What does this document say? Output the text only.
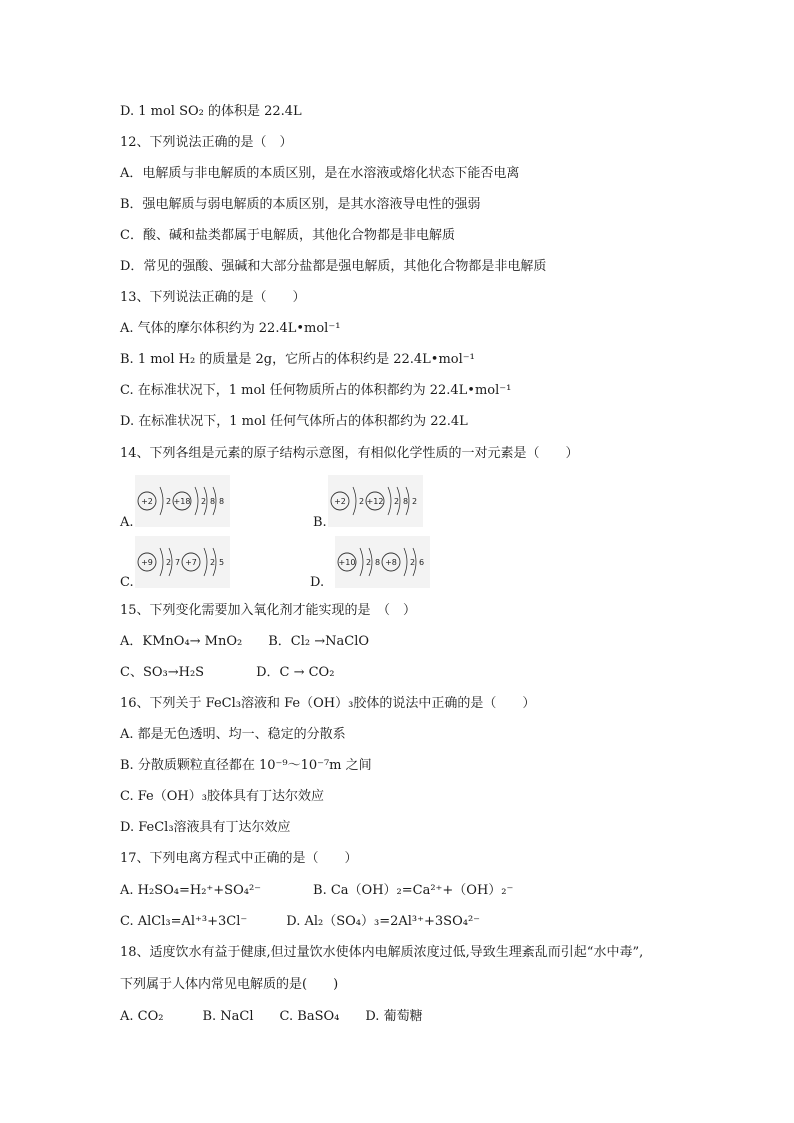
D. 1 mol SO₂ 的体积是 22.4L
12、下列说法正确的是（　）
A．电解质与非电解质的本质区别，是在水溶液或熔化状态下能否电离
B．强电解质与弱电解质的本质区别，是其水溶液导电性的强弱
C．酸、碱和盐类都属于电解质，其他化合物都是非电解质
D．常见的强酸、强碱和大部分盐都是强电解质，其他化合物都是非电解质
13、下列说法正确的是（　　）
A. 气体的摩尔体积约为 22.4L•mol⁻¹
B. 1 mol H₂ 的质量是 2g，它所占的体积约是 22.4L•mol⁻¹
C. 在标准状况下，1 mol 任何物质所占的体积都约为 22.4L•mol⁻¹
D. 在标准状况下，1 mol 任何气体所占的体积都约为 22.4L
14、下列各组是元素的原子结构示意图，有相似化学性质的一对元素是（　　）
A.
+2 2 +18 2 8 8
B.
+2 2 +12 2 8 2
C.
+9 2 7 +7 2 5
D.
+10 2 8 +8 2 6
15、下列变化需要加入氧化剂才能实现的是　（　）
A．KMnO₄→ MnO₂　　B．Cl₂ →NaClO
C、SO₃→H₂S　　　　D．C → CO₂
16、下列关于 FeCl₃溶液和 Fe（OH）₃胶体的说法中正确的是（　　）
A. 都是无色透明、均一、稳定的分散系
B. 分散质颗粒直径都在 10⁻⁹～10⁻⁷m 之间
C. Fe（OH）₃胶体具有丁达尔效应
D. FeCl₃溶液具有丁达尔效应
17、下列电离方程式中正确的是（　　）
A. H₂SO₄=H₂⁺+SO₄²⁻　　　　B. Ca（OH）₂=Ca²⁺+（OH）₂⁻
C. AlCl₃=Al⁺³+3Cl⁻　　　D. Al₂（SO₄）₃=2Al³⁺+3SO₄²⁻
18、适度饮水有益于健康,但过量饮水使体内电解质浓度过低,导致生理紊乱而引起“水中毒”,
下列属于人体内常见电解质的是(　　)
A. CO₂　　　B. NaCl　　C. BaSO₄　　D. 葡萄糖
